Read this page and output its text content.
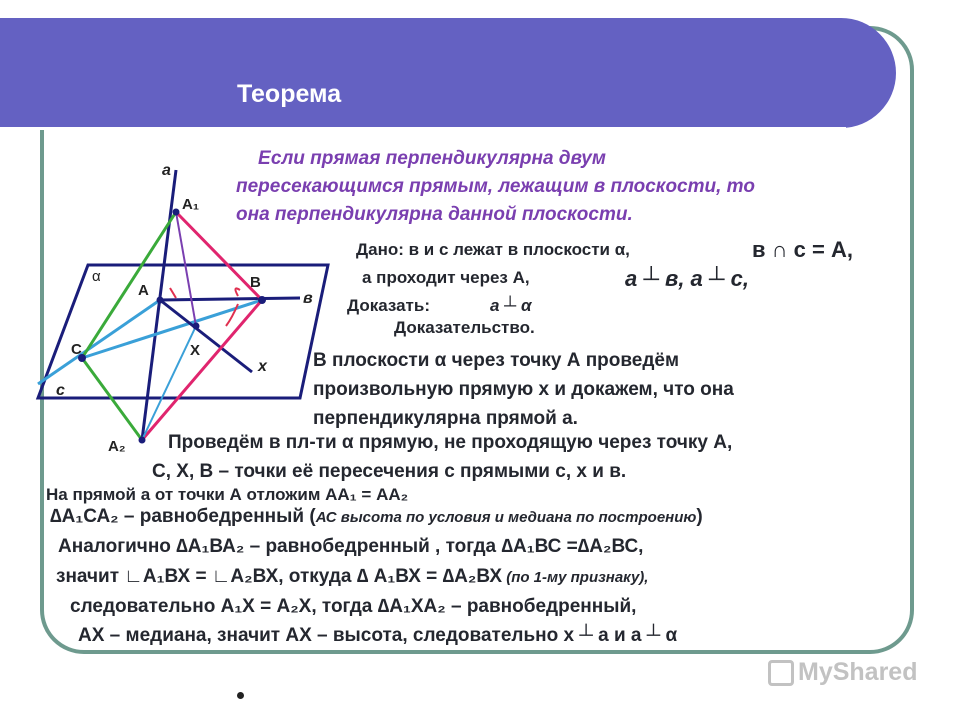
Теорема
Если прямая перпендикулярна двум
пересекающимся прямым, лежащим в плоскости, то
она перпендикулярна данной плоскости.
а
А₁
α
А	В
в
С	Х
х
с
А₂
Дано: в и с лежат в плоскости α,	в ∩ с = А,
а проходит через А,	а ┴ в, а ┴ с,
Доказать:	а ┴ α
Доказательство.
В плоскости α через точку А проведём
произвольную прямую х и докажем, что она
перпендикулярна прямой а.
Проведём в пл-ти α прямую, не проходящую через точку А,
С, Х, В – точки её пересечения с прямыми с, х и в.
На прямой а от точки А отложим АА₁ = АА₂
∆А₁СА₂ – равнобедренный (АС высота по условия и медиана по построению)
Аналогично ∆А₁ВА₂ – равнобедренный , тогда ∆А₁ВС =∆А₂ВС,
значит ∟А₁ВХ = ∟А₂ВХ, откуда ∆ А₁ВХ = ∆А₂ВХ (по 1-му признаку),
следовательно А₁Х = А₂Х, тогда ∆А₁ХА₂ – равнобедренный,
АХ – медиана, значит АХ – высота, следовательно х ┴ а и а ┴ α
MyShared
